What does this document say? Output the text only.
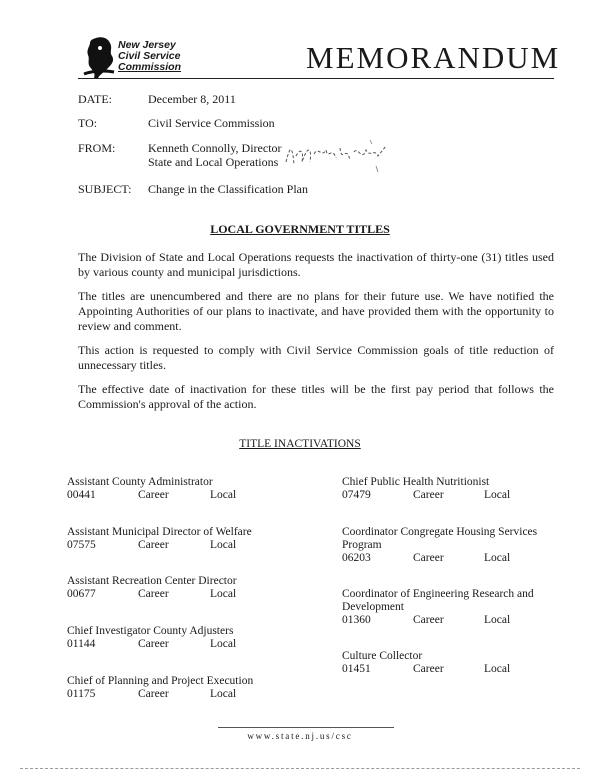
New Jersey
Civil Service
Commission	MEMORANDUM
DATE:	December 8, 2011
TO:	Civil Service Commission
FROM:	Kenneth Connolly, Director
State and Local Operations
SUBJECT: Change in the Classification Plan
LOCAL GOVERNMENT TITLES
The Division of State and Local Operations requests the inactivation of thirty-one (31) titles used by various county and municipal jurisdictions.
The titles are unencumbered and there are no plans for their future use. We have notified the Appointing Authorities of our plans to inactivate, and have provided them with the opportunity to review and comment.
This action is requested to comply with Civil Service Commission goals of title reduction of unnecessary titles.
The effective date of inactivation for these titles will be the first pay period that follows the Commission's approval of the action.
TITLE INACTIVATIONS
Assistant County Administrator
00441	Career	Local
Assistant Municipal Director of Welfare
07575	Career	Local
Assistant Recreation Center Director
00677	Career	Local
Chief Investigator County Adjusters
01144	Career	Local
Chief of Planning and Project Execution
01175	Career	Local
Chief Public Health Nutritionist
07479	Career	Local
Coordinator Congregate Housing Services
Program
06203	Career	Local
Coordinator of Engineering Research and
Development
01360	Career	Local
Culture Collector
01451	Career	Local
www.state.nj.us/csc
